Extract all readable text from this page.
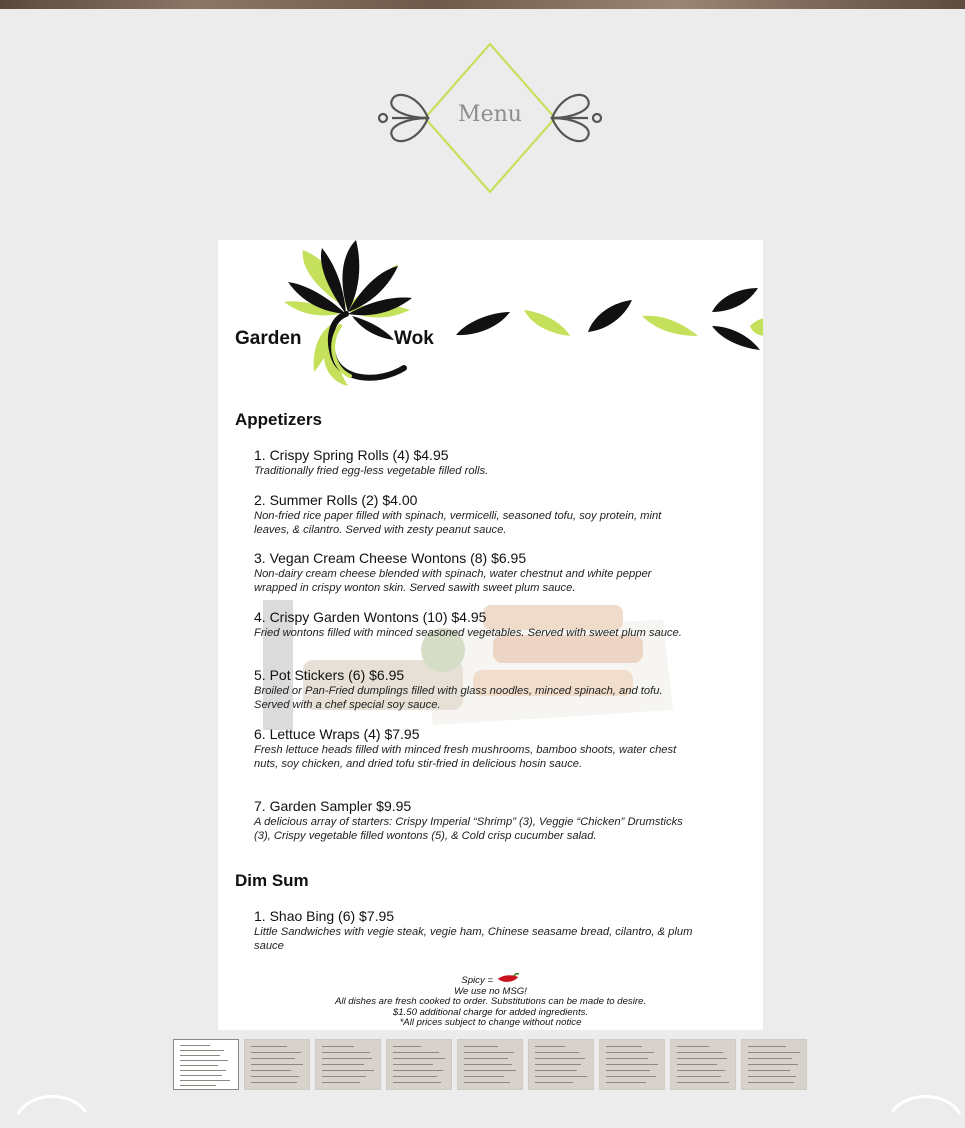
Menu
Garden	Wok
Appetizers
1. Crispy Spring Rolls (4) $4.95
Traditionally fried egg-less vegetable filled rolls.
2. Summer Rolls (2) $4.00
Non-fried rice paper filled with spinach, vermicelli, seasoned tofu, soy protein, mint leaves, & cilantro. Served with zesty peanut sauce.
3. Vegan Cream Cheese Wontons (8) $6.95
Non-dairy cream cheese blended with spinach, water chestnut and white pepper wrapped in crispy wonton skin. Served sawith sweet plum sauce.
4. Crispy Garden Wontons (10) $4.95
Fried wontons filled with minced seasoned vegetables. Served with sweet plum sauce.
5. Pot Stickers (6) $6.95
Broiled or Pan-Fried dumplings filled with glass noodles, minced spinach, and tofu. Served with a chef special soy sauce.
6. Lettuce Wraps (4) $7.95
Fresh lettuce heads filled with minced fresh mushrooms, bamboo shoots, water chest nuts, soy chicken, and dried tofu stir-fried in delicious hosin sauce.
7. Garden Sampler $9.95
A delicious array of starters: Crispy Imperial “Shrimp” (3), Veggie “Chicken” Drumsticks (3), Crispy vegetable filled wontons (5), & Cold crisp cucumber salad.
Dim Sum
1. Shao Bing (6) $7.95
Little Sandwiches with vegie steak, vegie ham, Chinese seasame bread, cilantro, & plum sauce
Spicy =
We use no MSG!
All dishes are fresh cooked to order. Substitutions can be made to desire.
$1.50 additional charge for added ingredients.
*All prices subject to change without notice
